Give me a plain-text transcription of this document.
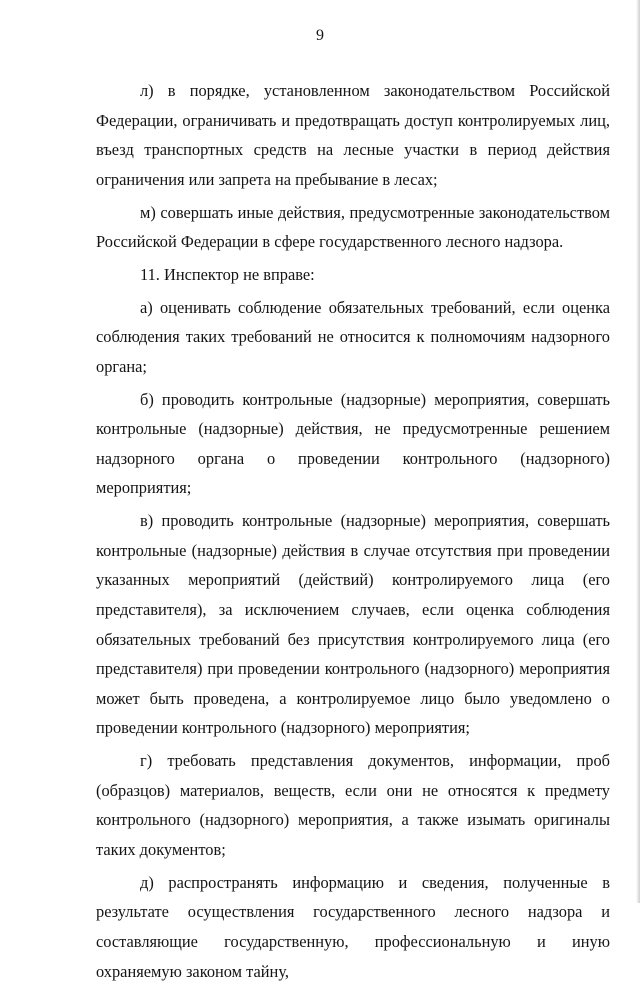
9

л) в порядке, установленном законодательством Российской Федерации, ограничивать и предотвращать доступ контролируемых лиц, въезд транспортных средств на лесные участки в период действия ограничения или запрета на пребывание в лесах;

м) совершать иные действия, предусмотренные законодательством Российской Федерации в сфере государственного лесного надзора.

11. Инспектор не вправе:

а) оценивать соблюдение обязательных требований, если оценка соблюдения таких требований не относится к полномочиям надзорного органа;

б) проводить контрольные (надзорные) мероприятия, совершать контрольные (надзорные) действия, не предусмотренные решением надзорного органа о проведении контрольного (надзорного) мероприятия;

в) проводить контрольные (надзорные) мероприятия, совершать контрольные (надзорные) действия в случае отсутствия при проведении указанных мероприятий (действий) контролируемого лица (его представителя), за исключением случаев, если оценка соблюдения обязательных требований без присутствия контролируемого лица (его представителя) при проведении контрольного (надзорного) мероприятия может быть проведена, а контролируемое лицо было уведомлено о проведении контрольного (надзорного) мероприятия;

г) требовать представления документов, информации, проб (образцов) материалов, веществ, если они не относятся к предмету контрольного (надзорного) мероприятия, а также изымать оригиналы таких документов;

д) распространять информацию и сведения, полученные в результате осуществления государственного лесного надзора и составляющие государственную, профессиональную и иную охраняемую законом тайну,
